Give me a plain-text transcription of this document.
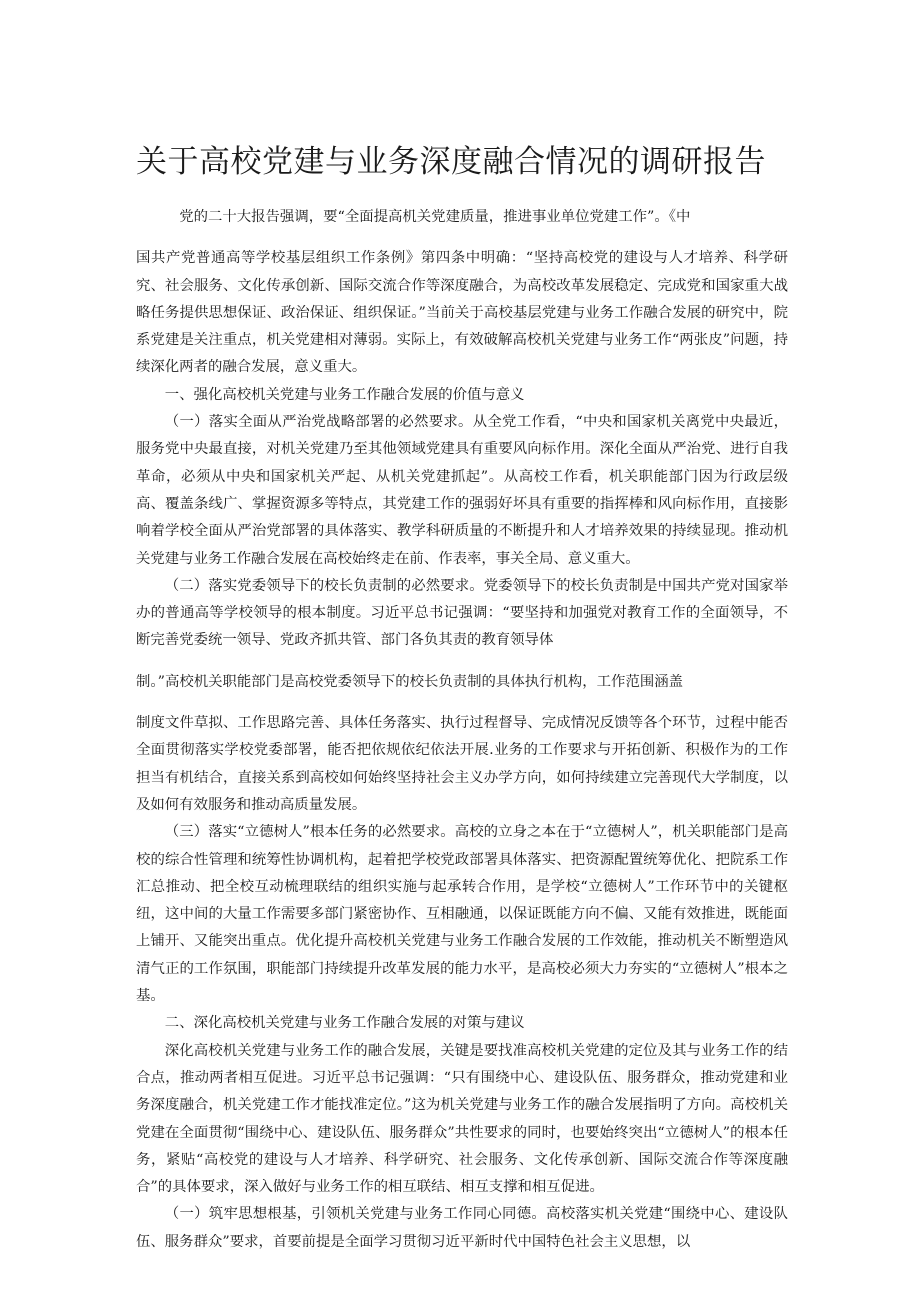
关于高校党建与业务深度融合情况的调研报告

党的二十大报告强调，要“全面提高机关党建质量，推进事业单位党建工作”。《中

国共产党普通高等学校基层组织工作条例》第四条中明确：“坚持高校党的建设与人才培养、科学研究、社会服务、文化传承创新、国际交流合作等深度融合，为高校改革发展稳定、完成党和国家重大战略任务提供思想保证、政治保证、组织保证。”当前关于高校基层党建与业务工作融合发展的研究中，院系党建是关注重点，机关党建相对薄弱。实际上，有效破解高校机关党建与业务工作“两张皮”问题，持续深化两者的融合发展，意义重大。

一、强化高校机关党建与业务工作融合发展的价值与意义

（一）落实全面从严治党战略部署的必然要求。从全党工作看，“中央和国家机关离党中央最近，服务党中央最直接，对机关党建乃至其他领域党建具有重要风向标作用。深化全面从严治党、进行自我革命，必须从中央和国家机关严起、从机关党建抓起”。从高校工作看，机关职能部门因为行政层级高、覆盖条线广、掌握资源多等特点，其党建工作的强弱好坏具有重要的指挥棒和风向标作用，直接影响着学校全面从严治党部署的具体落实、教学科研质量的不断提升和人才培养效果的持续显现。推动机关党建与业务工作融合发展在高校始终走在前、作表率，事关全局、意义重大。

（二）落实党委领导下的校长负责制的必然要求。党委领导下的校长负责制是中国共产党对国家举办的普通高等学校领导的根本制度。习近平总书记强调：“要坚持和加强党对教育工作的全面领导，不断完善党委统一领导、党政齐抓共管、部门各负其责的教育领导体

制。”高校机关职能部门是高校党委领导下的校长负责制的具体执行机构，工作范围涵盖

制度文件草拟、工作思路完善、具体任务落实、执行过程督导、完成情况反馈等各个环节，过程中能否全面贯彻落实学校党委部署，能否把依规依纪依法开展.业务的工作要求与开拓创新、积极作为的工作担当有机结合，直接关系到高校如何始终坚持社会主义办学方向，如何持续建立完善现代大学制度，以及如何有效服务和推动高质量发展。

（三）落实“立德树人”根本任务的必然要求。高校的立身之本在于“立德树人”，机关职能部门是高校的综合性管理和统筹性协调机构，起着把学校党政部署具体落实、把资源配置统筹优化、把院系工作汇总推动、把全校互动梳理联结的组织实施与起承转合作用，是学校“立德树人”工作环节中的关键枢纽，这中间的大量工作需要多部门紧密协作、互相融通，以保证既能方向不偏、又能有效推进，既能面上铺开、又能突出重点。优化提升高校机关党建与业务工作融合发展的工作效能，推动机关不断塑造风清气正的工作氛围，职能部门持续提升改革发展的能力水平，是高校必须大力夯实的“立德树人”根本之基。

二、深化高校机关党建与业务工作融合发展的对策与建议

深化高校机关党建与业务工作的融合发展，关键是要找准高校机关党建的定位及其与业务工作的结合点，推动两者相互促进。习近平总书记强调：“只有围绕中心、建设队伍、服务群众，推动党建和业务深度融合，机关党建工作才能找准定位。”这为机关党建与业务工作的融合发展指明了方向。高校机关党建在全面贯彻“围绕中心、建设队伍、服务群众”共性要求的同时，也要始终突出“立德树人”的根本任务，紧贴“高校党的建设与人才培养、科学研究、社会服务、文化传承创新、国际交流合作等深度融合”的具体要求，深入做好与业务工作的相互联结、相互支撑和相互促进。

（一）筑牢思想根基，引领机关党建与业务工作同心同德。高校落实机关党建“围绕中心、建设队伍、服务群众”要求，首要前提是全面学习贯彻习近平新时代中国特色社会主义思想，以
